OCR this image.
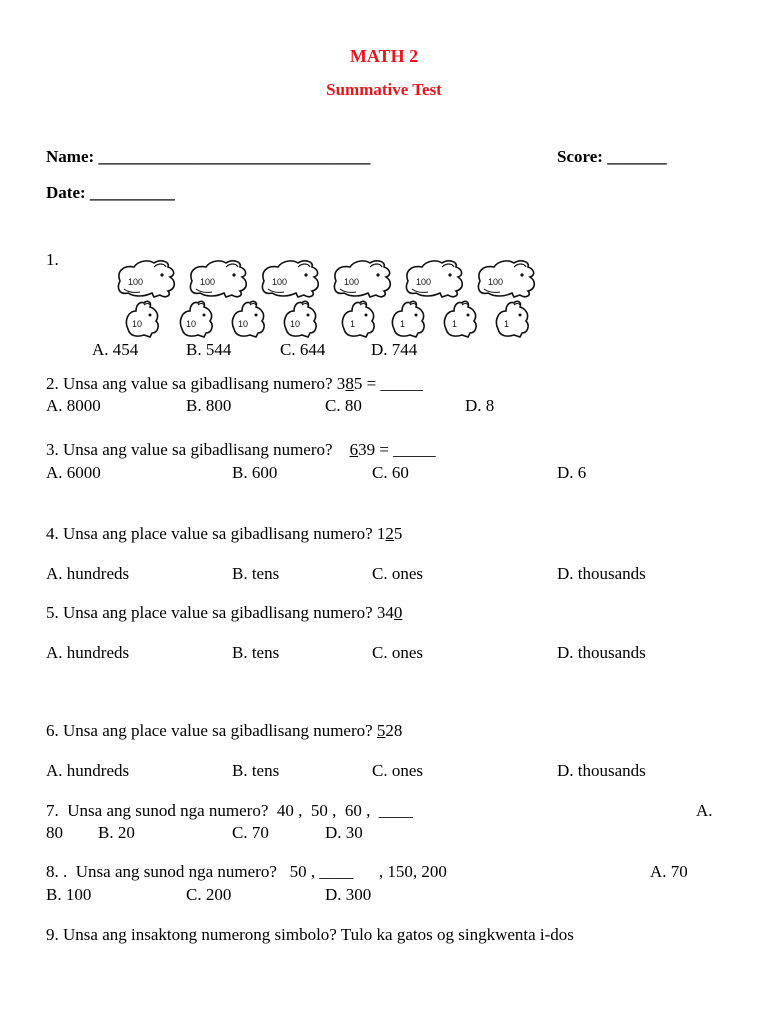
MATH 2
Summative Test
Name: ________________________________	Score: _______
Date: __________
1.
100	100	100	100	100	100
10	10	10	10	1	1	1	1
A. 454	B. 544	C. 644	D. 744
2. Unsa ang value sa gibadlisang numero? 385 = _____
A. 8000	B. 800	C. 80	D. 8
3. Unsa ang value sa gibadlisang numero?    639 = _____
A. 6000	B. 600	C. 60	D. 6
4. Unsa ang place value sa gibadlisang numero? 125
A. hundreds	B. tens	C. ones	D. thousands
5. Unsa ang place value sa gibadlisang numero? 340
A. hundreds	B. tens	C. ones	D. thousands
6. Unsa ang place value sa gibadlisang numero? 528
A. hundreds	B. tens	C. ones	D. thousands
7.  Unsa ang sunod nga numero?  40 ,  50 ,  60 ,  ____	A.
80 B. 20	C. 70	D. 30
8. .  Unsa ang sunod nga numero?   50 , ____      , 150, 200	A. 70
B. 100	C. 200	D. 300
9. Unsa ang insaktong numerong simbolo? Tulo ka gatos og singkwenta i-dos
